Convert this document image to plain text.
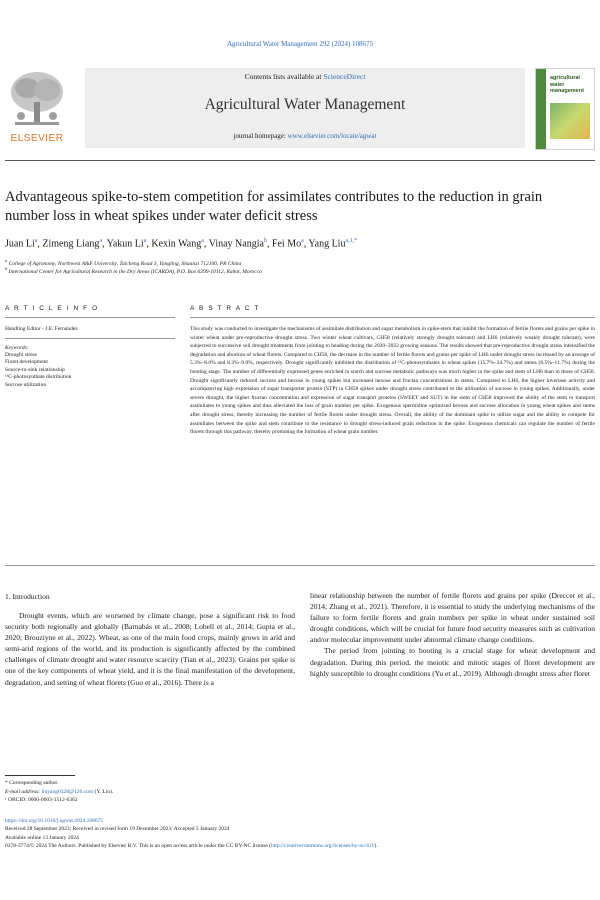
Agricultural Water Management 292 (2024) 108675
ELSEVIER
Contents lists available at ScienceDirect
Agricultural Water Management
journal homepage: www.elsevier.com/locate/agwat
agricultural water management
Advantageous spike-to-stem competition for assimilates contributes to the reduction in grain number loss in wheat spikes under water deficit stress
Juan Li$^a$, Zimeng Liang$^a$, Yakun Li$^a$, Kexin Wang$^a$, Vinay Nangia$^b$, Fei Mo$^a$, Yang Liu$^{a,1,*}$
$^a$ College of Agronomy, Northwest A&F University, Taicheng Road 3, Yangling, Shaanxi 712100, PR China
$^b$ International Center for Agricultural Research in the Dry Areas (ICARDA), P.O. Box 6299-10112, Rabat, Morocco
A R T I C L E I N F O	A B S T R A C T
Handling Editor - J.E. Fernández
Keywords:
Drought stress
Floret development
Source-to-sink relationship
¹³C-photosynthate distribution
Sucrose utilization
This study was conducted to investigate the mechanisms of assimilate distribution and sugar metabolism in spike-stem that inhibit the formation of fertile florets and grains per spike in winter wheat under pre-reproductive drought stress. Two winter wheat cultivars, CH58 (relatively strongly drought tolerant) and LH6 (relatively weakly drought tolerant), were subjected to successive soil drought treatments from jointing to heading during the 2020–2022 growing seasons. The results showed that pre-reproductive drought stress intensified the degradation and abortion of wheat florets. Compared to CH58, the decrease in the number of fertile florets and grains per spike of LH6 under drought stress increased by an average of 5.3%–8.0% and 8.3%–9.0%, respectively. Drought significantly inhibited the distribution of ¹³C-photosynthates in wheat spikes (15.7%–24.7%) and stems (8.5%–11.7%) during the booting stage. The number of differentially expressed genes enriched in starch and sucrose metabolic pathways was much higher in the spike and stem of LH6 than in those of CH58. Drought significantly reduced sucrose and hexose in young spikes but increased hexose and fructan concentrations in stems. Compared to LH6, the higher invertase activity and accompanying high expression of sugar transporter protein (STP) in CH58 spikes under drought stress contributed to the utilization of sucrose in young spikes. Additionally, under severe drought, the higher fructan concentration and expression of sugar transport proteins (SWEET and SUT) in the stem of CH58 improved the ability of the stem to transport assimilates to young spikes and thus alleviated the loss of grain number per spike. Exogenous spermidine optimized hexose and sucrose allocation in young wheat spikes and stems after drought stress, thereby increasing the number of fertile florets under drought stress. Overall, the ability of the dominant spike to utilize sugar and the ability to compete for assimilates between the spike and stem contribute to the resistance to drought stress-induced grain reduction in the spike. Exogenous chemicals can regulate the number of fertile florets through this pathway, thereby promoting the formation of wheat grain number.
1. Introduction

Drought events, which are worsened by climate change, pose a significant risk to food security both regionally and globally (Barnabás et al., 2008; Lobell et al., 2014; Gupta et al., 2020; Brouziyne et al., 2022). Wheat, as one of the main food crops, mainly grows in arid and semi-arid regions of the world, and its production is significantly affected by the combined challenges of climate drought and water resource scarcity (Tian et al., 2023). Grains per spike is one of the key components of wheat yield, and it is the final manifestation of the development, degradation, and setting of wheat florets (Guo et al., 2016). There is a

linear relationship between the number of fertile florets and grains per spike (Dreccer et al., 2014; Zhang et al., 2021). Therefore, it is essential to study the underlying mechanisms of the failure to form fertile florets and grain numbers per spike in wheat under sustained soil drought conditions, which will be crucial for future food security measures such as cultivation and/or molecular improvement under abnormal climate change conditions.

The period from jointing to booting is a crucial stage for wheat development and degradation. During this period, the meiotic and mitotic stages of floret development are highly susceptible to drought conditions (Yu et al., 2019). Although drought stress after floret

* Corresponding author.
E-mail address: liuyang0328@126.com (Y. Liu).
¹ ORCID: 0000-0003-1512-6362
https://doi.org/10.1016/j.agwat.2024.108675
Received 28 September 2023; Received in revised form 19 December 2023; Accepted 5 January 2024
Available online 13 January 2024
0378-3774/© 2024 The Authors. Published by Elsevier B.V. This is an open access article under the CC BY-NC license (http://creativecommons.org/licenses/by-nc/4.0/).
